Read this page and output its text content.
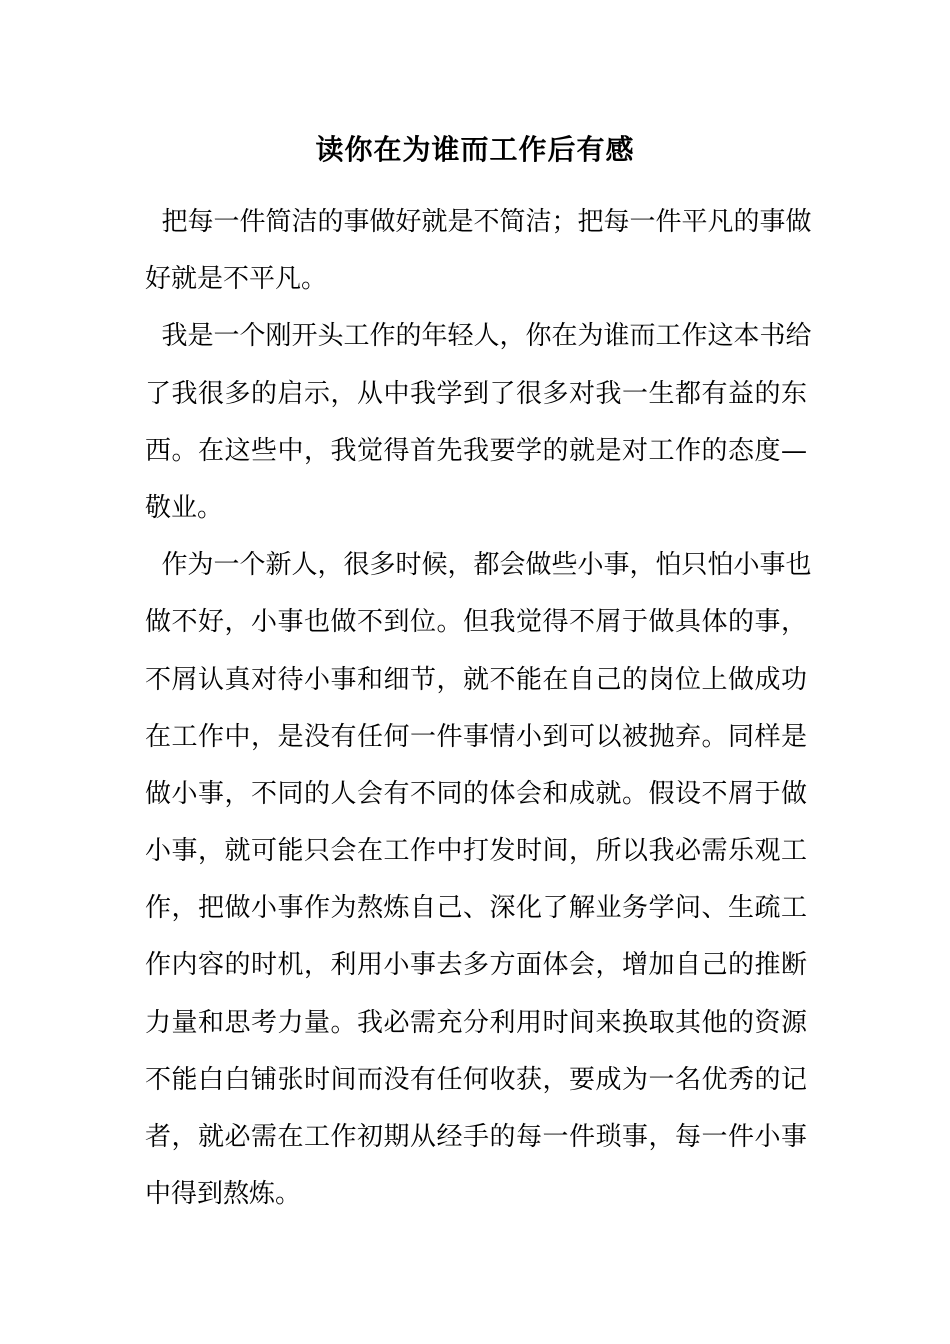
读你在为谁而工作后有感
把每一件简洁的事做好就是不简洁；把每一件平凡的事做
好就是不平凡。
我是一个刚开头工作的年轻人，你在为谁而工作这本书给
了我很多的启示，从中我学到了很多对我一生都有益的东
西。在这些中，我觉得首先我要学的就是对工作的态度—
敬业。
作为一个新人，很多时候，都会做些小事，怕只怕小事也
做不好，小事也做不到位。但我觉得不屑于做具体的事，
不屑认真对待小事和细节，就不能在自己的岗位上做成功
在工作中，是没有任何一件事情小到可以被抛弃。同样是
做小事，不同的人会有不同的体会和成就。假设不屑于做
小事，就可能只会在工作中打发时间，所以我必需乐观工
作，把做小事作为熬炼自己、深化了解业务学问、生疏工
作内容的时机，利用小事去多方面体会，增加自己的推断
力量和思考力量。我必需充分利用时间来换取其他的资源
不能白白铺张时间而没有任何收获，要成为一名优秀的记
者，就必需在工作初期从经手的每一件琐事，每一件小事
中得到熬炼。
